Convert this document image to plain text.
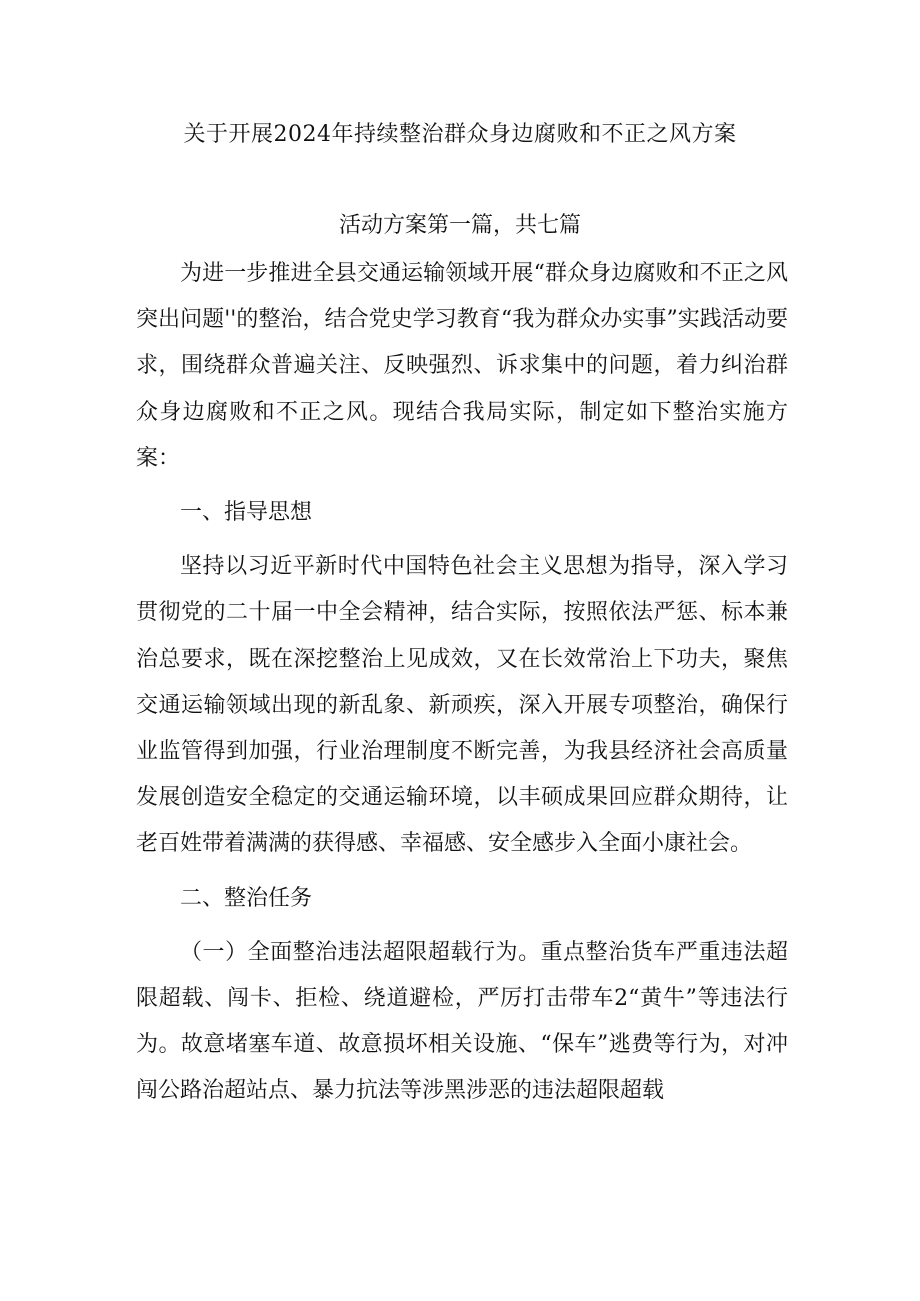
关于开展2024年持续整治群众身边腐败和不正之风方案
活动方案第一篇，共七篇

为进一步推进全县交通运输领域开展“群众身边腐败和不正之风突出问题''的整治，结合党史学习教育“我为群众办实事”实践活动要求，围绕群众普遍关注、反映强烈、诉求集中的问题，着力纠治群众身边腐败和不正之风。现结合我局实际，制定如下整治实施方案：

一、指导思想

坚持以习近平新时代中国特色社会主义思想为指导，深入学习贯彻党的二十届一中全会精神，结合实际，按照依法严惩、标本兼治总要求，既在深挖整治上见成效，又在长效常治上下功夫，聚焦交通运输领域出现的新乱象、新顽疾，深入开展专项整治，确保行业监管得到加强，行业治理制度不断完善，为我县经济社会高质量发展创造安全稳定的交通运输环境，以丰硕成果回应群众期待，让老百姓带着满满的获得感、幸福感、安全感步入全面小康社会。

二、整治任务

（一）全面整治违法超限超载行为。重点整治货车严重违法超限超载、闯卡、拒检、绕道避检，严厉打击带车2“黄牛”等违法行为。故意堵塞车道、故意损坏相关设施、“保车”逃费等行为，对冲闯公路治超站点、暴力抗法等涉黑涉恶的违法超限超载
